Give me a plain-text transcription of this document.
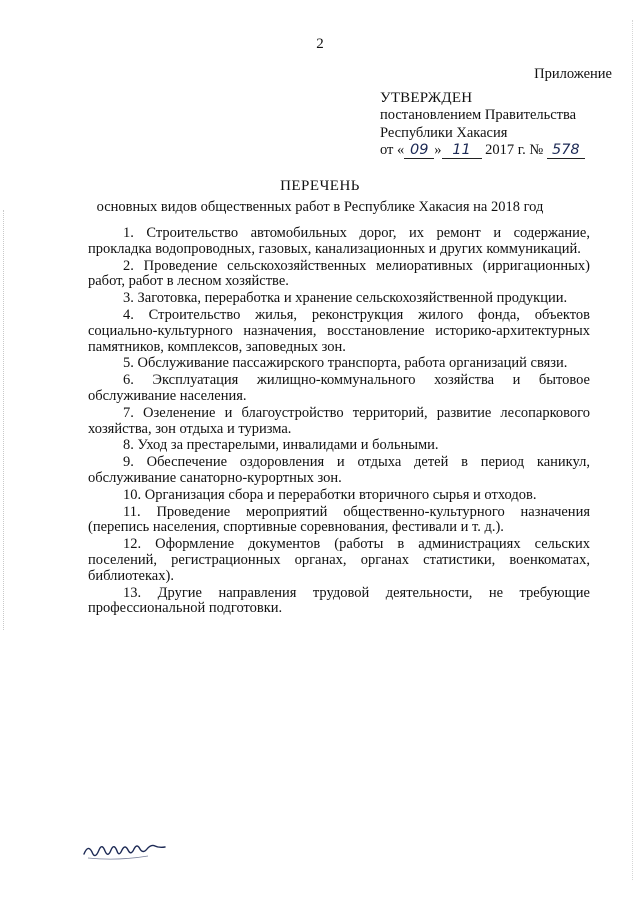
2
Приложение
УТВЕРЖДЕН
постановлением Правительства
Республики Хакасия
от « 09 » 11 2017 г. № 578
ПЕРЕЧЕНЬ
основных видов общественных работ в Республике Хакасия на 2018 год
1. Строительство автомобильных дорог, их ремонт и содержание, прокладка водопроводных, газовых, канализационных и других коммуникаций.
2. Проведение сельскохозяйственных мелиоративных (ирригационных) работ, работ в лесном хозяйстве.
3. Заготовка, переработка и хранение сельскохозяйственной продукции.
4. Строительство жилья, реконструкция жилого фонда, объектов социально-культурного назначения, восстановление историко-архитектурных памятников, комплексов, заповедных зон.
5. Обслуживание пассажирского транспорта, работа организаций связи.
6. Эксплуатация жилищно-коммунального хозяйства и бытовое обслуживание населения.
7. Озеленение и благоустройство территорий, развитие лесопаркового хозяйства, зон отдыха и туризма.
8. Уход за престарелыми, инвалидами и больными.
9. Обеспечение оздоровления и отдыха детей в период каникул, обслуживание санаторно-курортных зон.
10. Организация сбора и переработки вторичного сырья и отходов.
11. Проведение мероприятий общественно-культурного назначения (перепись населения, спортивные соревнования, фестивали и т. д.).
12. Оформление документов (работы в администрациях сельских поселений, регистрационных органах, органах статистики, военкоматах, библиотеках).
13. Другие направления трудовой деятельности, не требующие профессиональной подготовки.
